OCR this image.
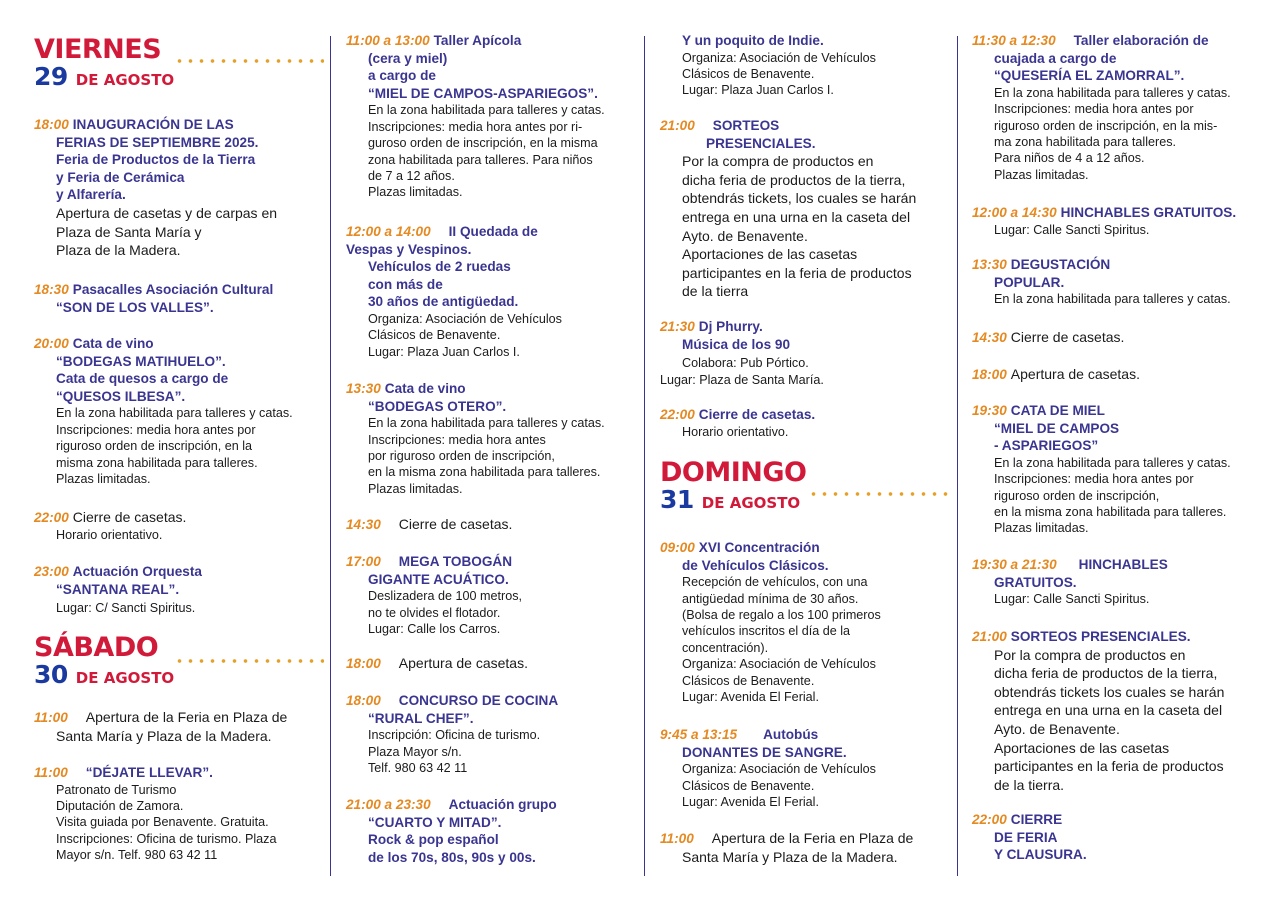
VIERNES
29 DE AGOSTO
18:00 INAUGURACIÓN DE LAS
FERIAS DE SEPTIEMBRE 2025.
Feria de Productos de la Tierra
y Feria de Cerámica
y Alfarería.
Apertura de casetas y de carpas en
Plaza de Santa María y
Plaza de la Madera.
18:30 Pasacalles Asociación Cultural
“SON DE LOS VALLES”.
20:00 Cata de vino
“BODEGAS MATIHUELO”.
Cata de quesos a cargo de
“QUESOS ILBESA”.
En la zona habilitada para talleres y catas.
Inscripciones: media hora antes por
riguroso orden de inscripción, en la
misma zona habilitada para talleres.
Plazas limitadas.
22:00 Cierre de casetas.
Horario orientativo.
23:00 Actuación Orquesta
“SANTANA REAL”.
Lugar: C/ Sancti Spiritus.
SÁBADO
30 DE AGOSTO
11:00 Apertura de la Feria en Plaza de
Santa María y Plaza de la Madera.
11:00 “DÉJATE LLEVAR”.
Patronato de Turismo
Diputación de Zamora.
Visita guiada por Benavente. Gratuita.
Inscripciones: Oficina de turismo. Plaza
Mayor s/n. Telf. 980 63 42 11
11:00 a 13:00 Taller Apícola
(cera y miel)
a cargo de
“MIEL DE CAMPOS-ASPARIEGOS”.
En la zona habilitada para talleres y catas.
Inscripciones: media hora antes por ri-
guroso orden de inscripción, en la misma
zona habilitada para talleres. Para niños
de 7 a 12 años.
Plazas limitadas.
12:00 a 14:00 II Quedada de
Vespas y Vespinos.
Vehículos de 2 ruedas
con más de
30 años de antigüedad.
Organiza: Asociación de Vehículos
Clásicos de Benavente.
Lugar: Plaza Juan Carlos I.
13:30 Cata de vino
“BODEGAS OTERO”.
En la zona habilitada para talleres y catas.
Inscripciones: media hora antes
por riguroso orden de inscripción,
en la misma zona habilitada para talleres.
Plazas limitadas.
14:30 Cierre de casetas.
17:00 MEGA TOBOGÁN
GIGANTE ACUÁTICO.
Deslizadera de 100 metros,
no te olvides el flotador.
Lugar: Calle los Carros.
18:00 Apertura de casetas.
18:00 CONCURSO DE COCINA
“RURAL CHEF”.
Inscripción: Oficina de turismo.
Plaza Mayor s/n.
Telf. 980 63 42 11
21:00 a 23:30 Actuación grupo
“CUARTO Y MITAD”.
Rock & pop español
de los 70s, 80s, 90s y 00s.
Y un poquito de Indie.
Organiza: Asociación de Vehículos
Clásicos de Benavente.
Lugar: Plaza Juan Carlos I.
21:00 SORTEOS
PRESENCIALES.
Por la compra de productos en
dicha feria de productos de la tierra,
obtendrás tickets, los cuales se harán
entrega en una urna en la caseta del
Ayto. de Benavente.
Aportaciones de las casetas
participantes en la feria de productos
de la tierra
21:30 Dj Phurry.
Música de los 90
Colabora: Pub Pórtico.
Lugar: Plaza de Santa María.
22:00 Cierre de casetas.
Horario orientativo.
DOMINGO
31 DE AGOSTO
09:00 XVI Concentración
de Vehículos Clásicos.
Recepción de vehículos, con una
antigüedad mínima de 30 años.
(Bolsa de regalo a los 100 primeros
vehículos inscritos el día de la
concentración).
Organiza: Asociación de Vehículos
Clásicos de Benavente.
Lugar: Avenida El Ferial.
9:45 a 13:15 Autobús
DONANTES DE SANGRE.
Organiza: Asociación de Vehículos
Clásicos de Benavente.
Lugar: Avenida El Ferial.
11:00 Apertura de la Feria en Plaza de
Santa María y Plaza de la Madera.
11:30 a 12:30 Taller elaboración de
cuajada a cargo de
“QUESERÍA EL ZAMORRAL”.
En la zona habilitada para talleres y catas.
Inscripciones: media hora antes por
riguroso orden de inscripción, en la mis-
ma zona habilitada para talleres.
Para niños de 4 a 12 años.
Plazas limitadas.
12:00 a 14:30 HINCHABLES GRATUITOS.
Lugar: Calle Sancti Spiritus.
13:30 DEGUSTACIÓN
POPULAR.
En la zona habilitada para talleres y catas.
14:30 Cierre de casetas.
18:00 Apertura de casetas.
19:30 CATA DE MIEL
“MIEL DE CAMPOS
- ASPARIEGOS”
En la zona habilitada para talleres y catas.
Inscripciones: media hora antes por
riguroso orden de inscripción,
en la misma zona habilitada para talleres.
Plazas limitadas.
19:30 a 21:30 HINCHABLES
GRATUITOS.
Lugar: Calle Sancti Spiritus.
21:00 SORTEOS PRESENCIALES.
Por la compra de productos en
dicha feria de productos de la tierra,
obtendrás tickets los cuales se harán
entrega en una urna en la caseta del
Ayto. de Benavente.
Aportaciones de las casetas
participantes en la feria de productos
de la tierra.
22:00 CIERRE
DE FERIA
Y CLAUSURA.
